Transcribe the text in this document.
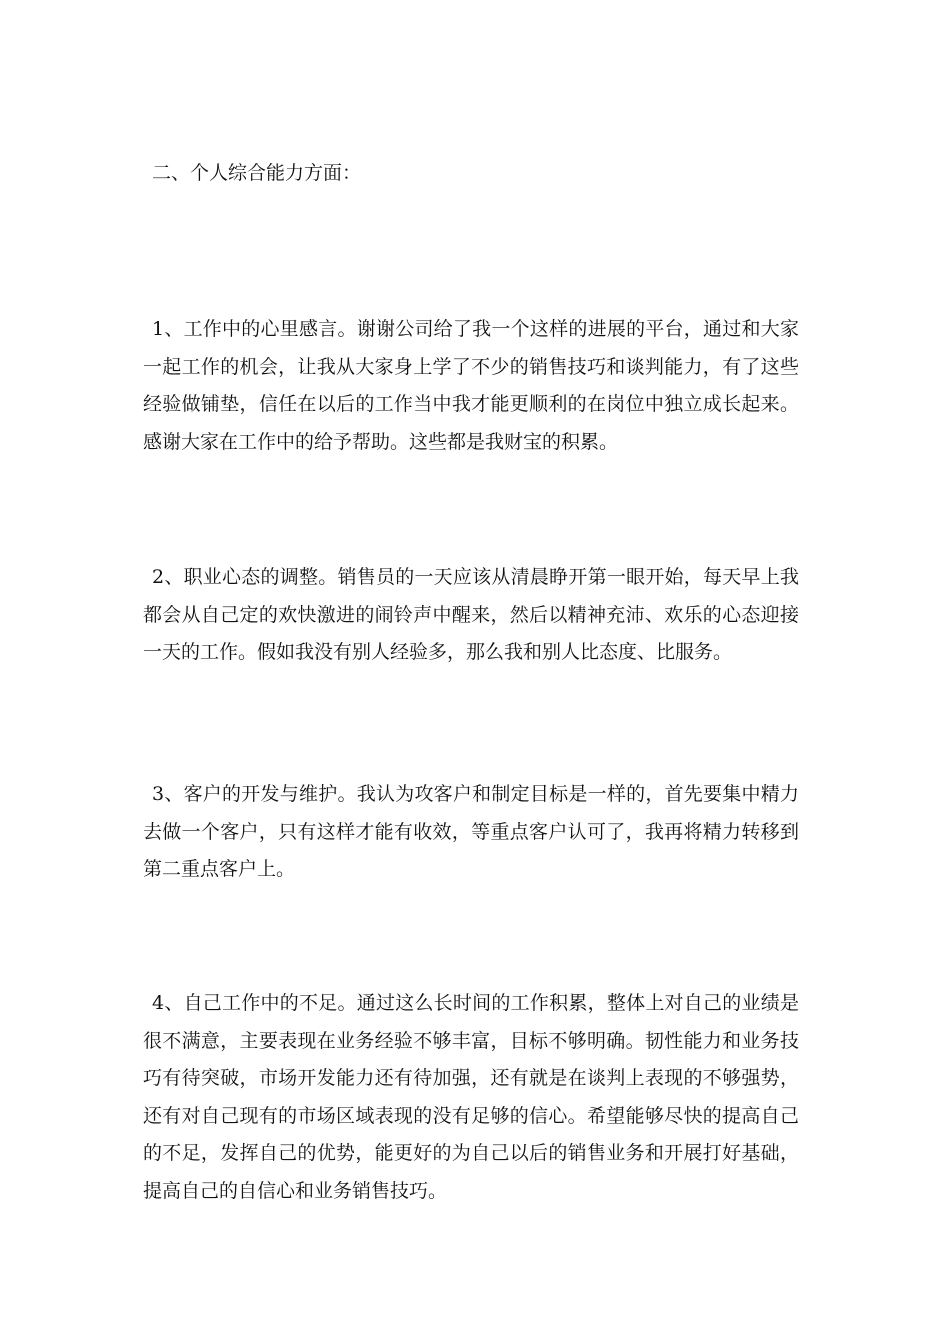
二、个人综合能力方面：

1、工作中的心里感言。谢谢公司给了我一个这样的进展的平台，通过和大家一起工作的机会，让我从大家身上学了不少的销售技巧和谈判能力，有了这些经验做铺垫，信任在以后的工作当中我才能更顺利的在岗位中独立成长起来。感谢大家在工作中的给予帮助。这些都是我财宝的积累。

2、职业心态的调整。销售员的一天应该从清晨睁开第一眼开始，每天早上我都会从自己定的欢快激进的闹铃声中醒来，然后以精神充沛、欢乐的心态迎接一天的工作。假如我没有别人经验多，那么我和别人比态度、比服务。

3、客户的开发与维护。我认为攻客户和制定目标是一样的，首先要集中精力去做一个客户，只有这样才能有收效，等重点客户认可了，我再将精力转移到第二重点客户上。

4、自己工作中的不足。通过这么长时间的工作积累，整体上对自己的业绩是很不满意，主要表现在业务经验不够丰富，目标不够明确。韧性能力和业务技巧有待突破，市场开发能力还有待加强，还有就是在谈判上表现的不够强势，还有对自己现有的市场区域表现的没有足够的信心。希望能够尽快的提高自己的不足，发挥自己的优势，能更好的为自己以后的销售业务和开展打好基础，提高自己的自信心和业务销售技巧。
